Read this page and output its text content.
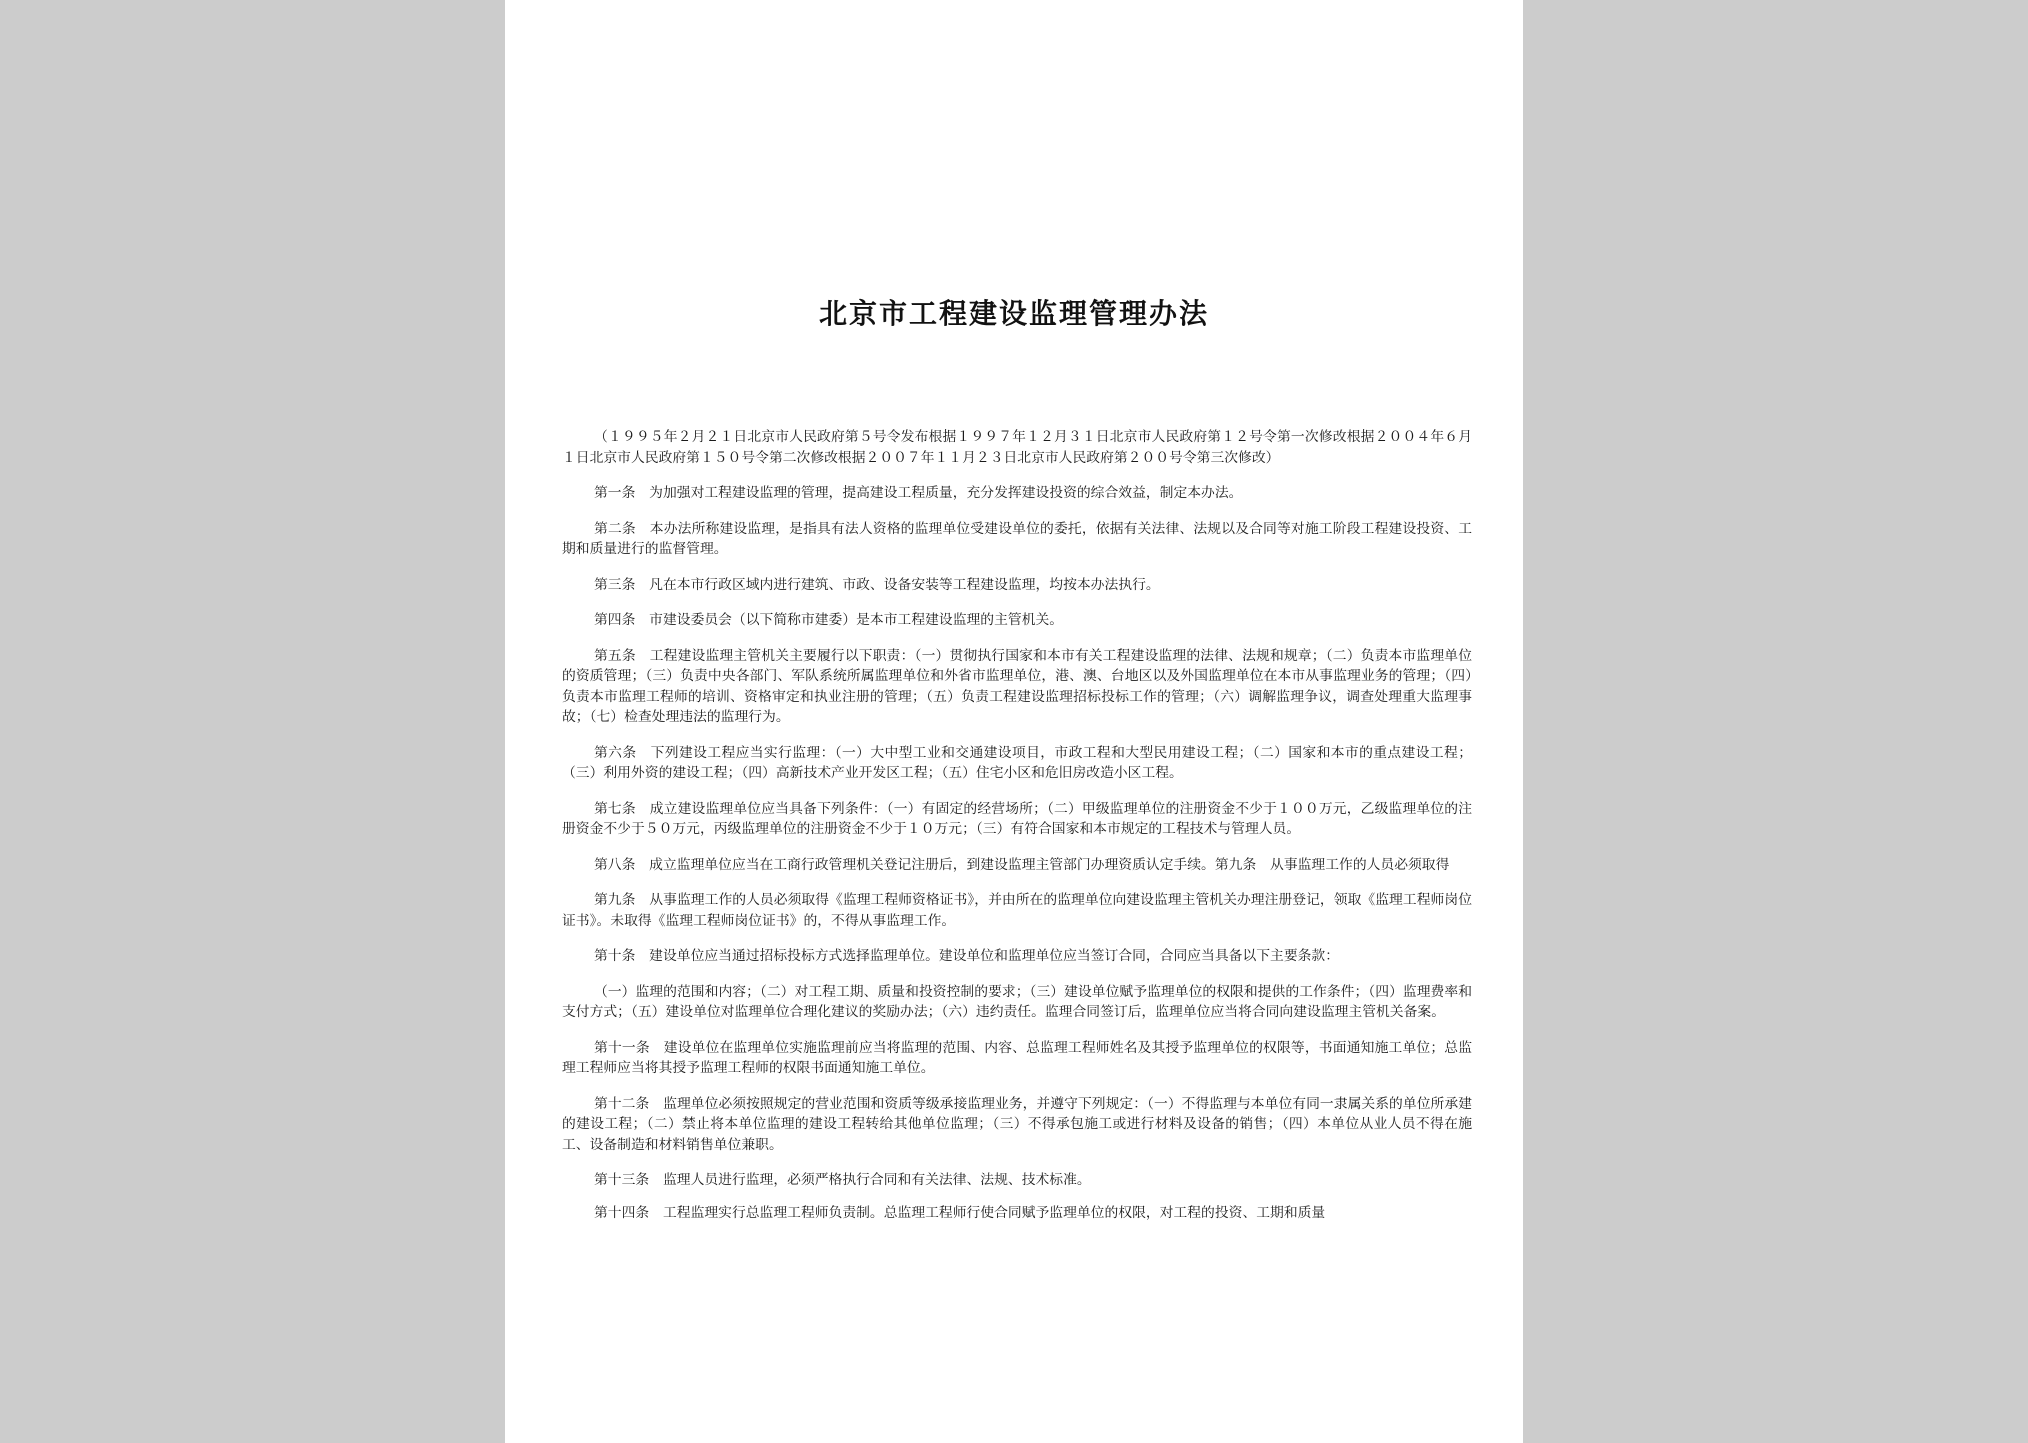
北京市工程建设监理管理办法

（１９９５年２月２１日北京市人民政府第５号令发布根据１９９７年１２月３１日北京市人民政府第１２号令第一次修改根据２００４年６月１日北京市人民政府第１５０号令第二次修改根据２００７年１１月２３日北京市人民政府第２００号令第三次修改）

第一条　为加强对工程建设监理的管理，提高建设工程质量，充分发挥建设投资的综合效益，制定本办法。

第二条　本办法所称建设监理，是指具有法人资格的监理单位受建设单位的委托，依据有关法律、法规以及合同等对施工阶段工程建设投资、工期和质量进行的监督管理。

第三条　凡在本市行政区域内进行建筑、市政、设备安装等工程建设监理，均按本办法执行。

第四条　市建设委员会（以下简称市建委）是本市工程建设监理的主管机关。

第五条　工程建设监理主管机关主要履行以下职责：（一）贯彻执行国家和本市有关工程建设监理的法律、法规和规章；（二）负责本市监理单位的资质管理；（三）负责中央各部门、军队系统所属监理单位和外省市监理单位，港、澳、台地区以及外国监理单位在本市从事监理业务的管理；（四）负责本市监理工程师的培训、资格审定和执业注册的管理；（五）负责工程建设监理招标投标工作的管理；（六）调解监理争议，调查处理重大监理事故；（七）检查处理违法的监理行为。

第六条　下列建设工程应当实行监理：（一）大中型工业和交通建设项目，市政工程和大型民用建设工程；（二）国家和本市的重点建设工程；（三）利用外资的建设工程；（四）高新技术产业开发区工程；（五）住宅小区和危旧房改造小区工程。

第七条　成立建设监理单位应当具备下列条件：（一）有固定的经营场所；（二）甲级监理单位的注册资金不少于１００万元，乙级监理单位的注册资金不少于５０万元，丙级监理单位的注册资金不少于１０万元；（三）有符合国家和本市规定的工程技术与管理人员。

第八条　成立监理单位应当在工商行政管理机关登记注册后，到建设监理主管部门办理资质认定手续。第九条　从事监理工作的人员必须取得

第九条　从事监理工作的人员必须取得《监理工程师资格证书》，并由所在的监理单位向建设监理主管机关办理注册登记，领取《监理工程师岗位证书》。未取得《监理工程师岗位证书》的，不得从事监理工作。

第十条　建设单位应当通过招标投标方式选择监理单位。建设单位和监理单位应当签订合同，合同应当具备以下主要条款：

（一）监理的范围和内容；（二）对工程工期、质量和投资控制的要求；（三）建设单位赋予监理单位的权限和提供的工作条件；（四）监理费率和支付方式；（五）建设单位对监理单位合理化建议的奖励办法；（六）违约责任。监理合同签订后，监理单位应当将合同向建设监理主管机关备案。

第十一条　建设单位在监理单位实施监理前应当将监理的范围、内容、总监理工程师姓名及其授予监理单位的权限等，书面通知施工单位；总监理工程师应当将其授予监理工程师的权限书面通知施工单位。

第十二条　监理单位必须按照规定的营业范围和资质等级承接监理业务，并遵守下列规定：（一）不得监理与本单位有同一隶属关系的单位所承建的建设工程；（二）禁止将本单位监理的建设工程转给其他单位监理；（三）不得承包施工或进行材料及设备的销售；（四）本单位从业人员不得在施工、设备制造和材料销售单位兼职。

第十三条　监理人员进行监理，必须严格执行合同和有关法律、法规、技术标准。

第十四条　工程监理实行总监理工程师负责制。总监理工程师行使合同赋予监理单位的权限，对工程的投资、工期和质量
